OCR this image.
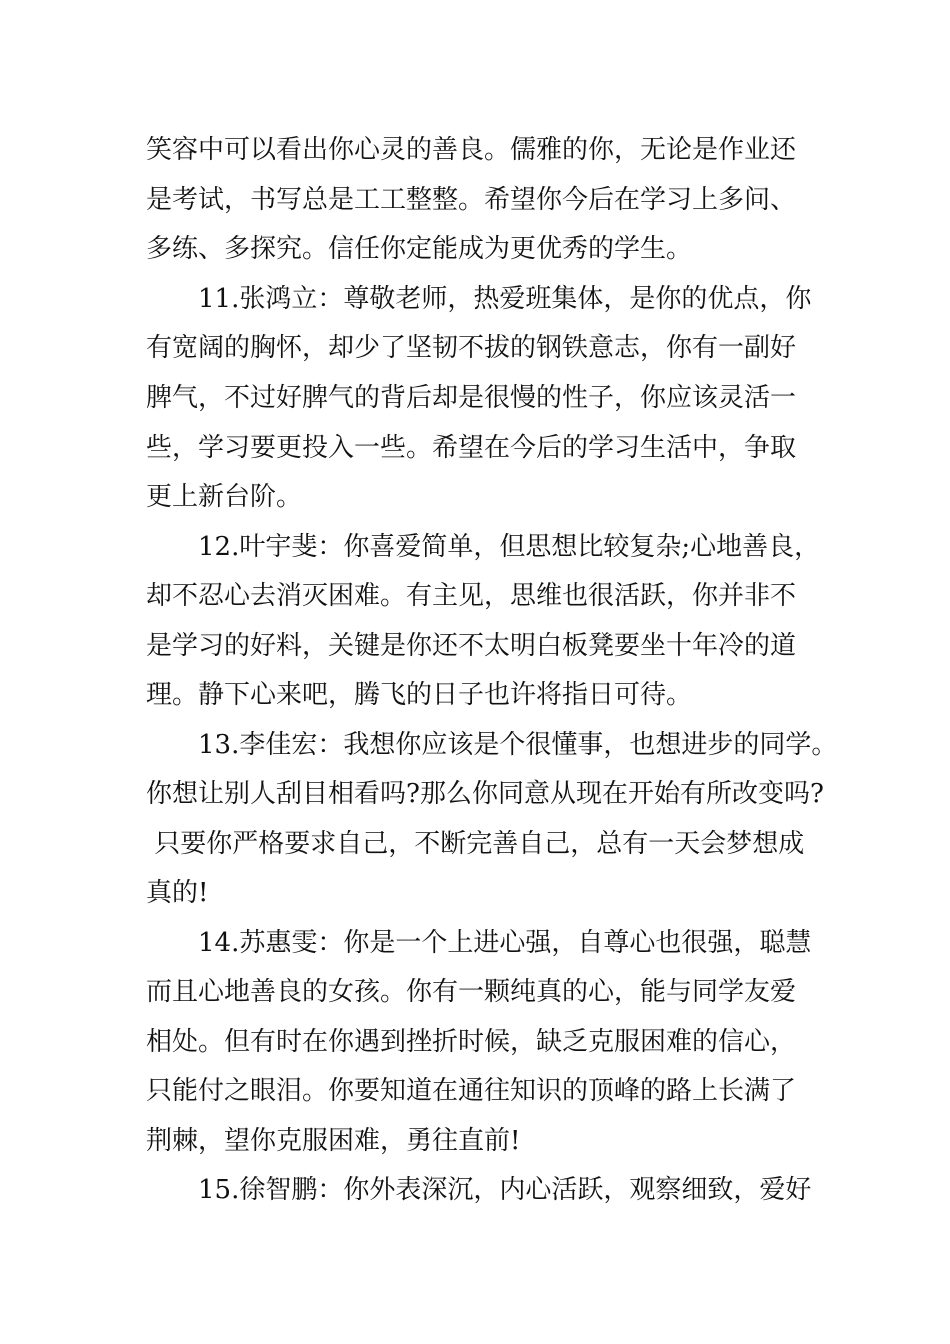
笑容中可以看出你心灵的善良。儒雅的你，无论是作业还
是考试，书写总是工工整整。希望你今后在学习上多问、
多练、多探究。信任你定能成为更优秀的学生。
11.张鸿立：尊敬老师，热爱班集体，是你的优点，你
有宽阔的胸怀，却少了坚韧不拔的钢铁意志，你有一副好
脾气，不过好脾气的背后却是很慢的性子，你应该灵活一
些，学习要更投入一些。希望在今后的学习生活中，争取
更上新台阶。
12.叶宇斐：你喜爱简单，但思想比较复杂;心地善良，
却不忍心去消灭困难。有主见，思维也很活跃，你并非不
是学习的好料，关键是你还不太明白板凳要坐十年冷的道
理。静下心来吧，腾飞的日子也许将指日可待。
13.李佳宏：我想你应该是个很懂事，也想进步的同学。
你想让别人刮目相看吗?那么你同意从现在开始有所改变吗?
只要你严格要求自己，不断完善自己，总有一天会梦想成
真的!
14.苏惠雯：你是一个上进心强，自尊心也很强，聪慧
而且心地善良的女孩。你有一颗纯真的心，能与同学友爱
相处。但有时在你遇到挫折时候，缺乏克服困难的信心，
只能付之眼泪。你要知道在通往知识的顶峰的路上长满了
荆棘，望你克服困难，勇往直前!
15.徐智鹏：你外表深沉，内心活跃，观察细致，爱好
